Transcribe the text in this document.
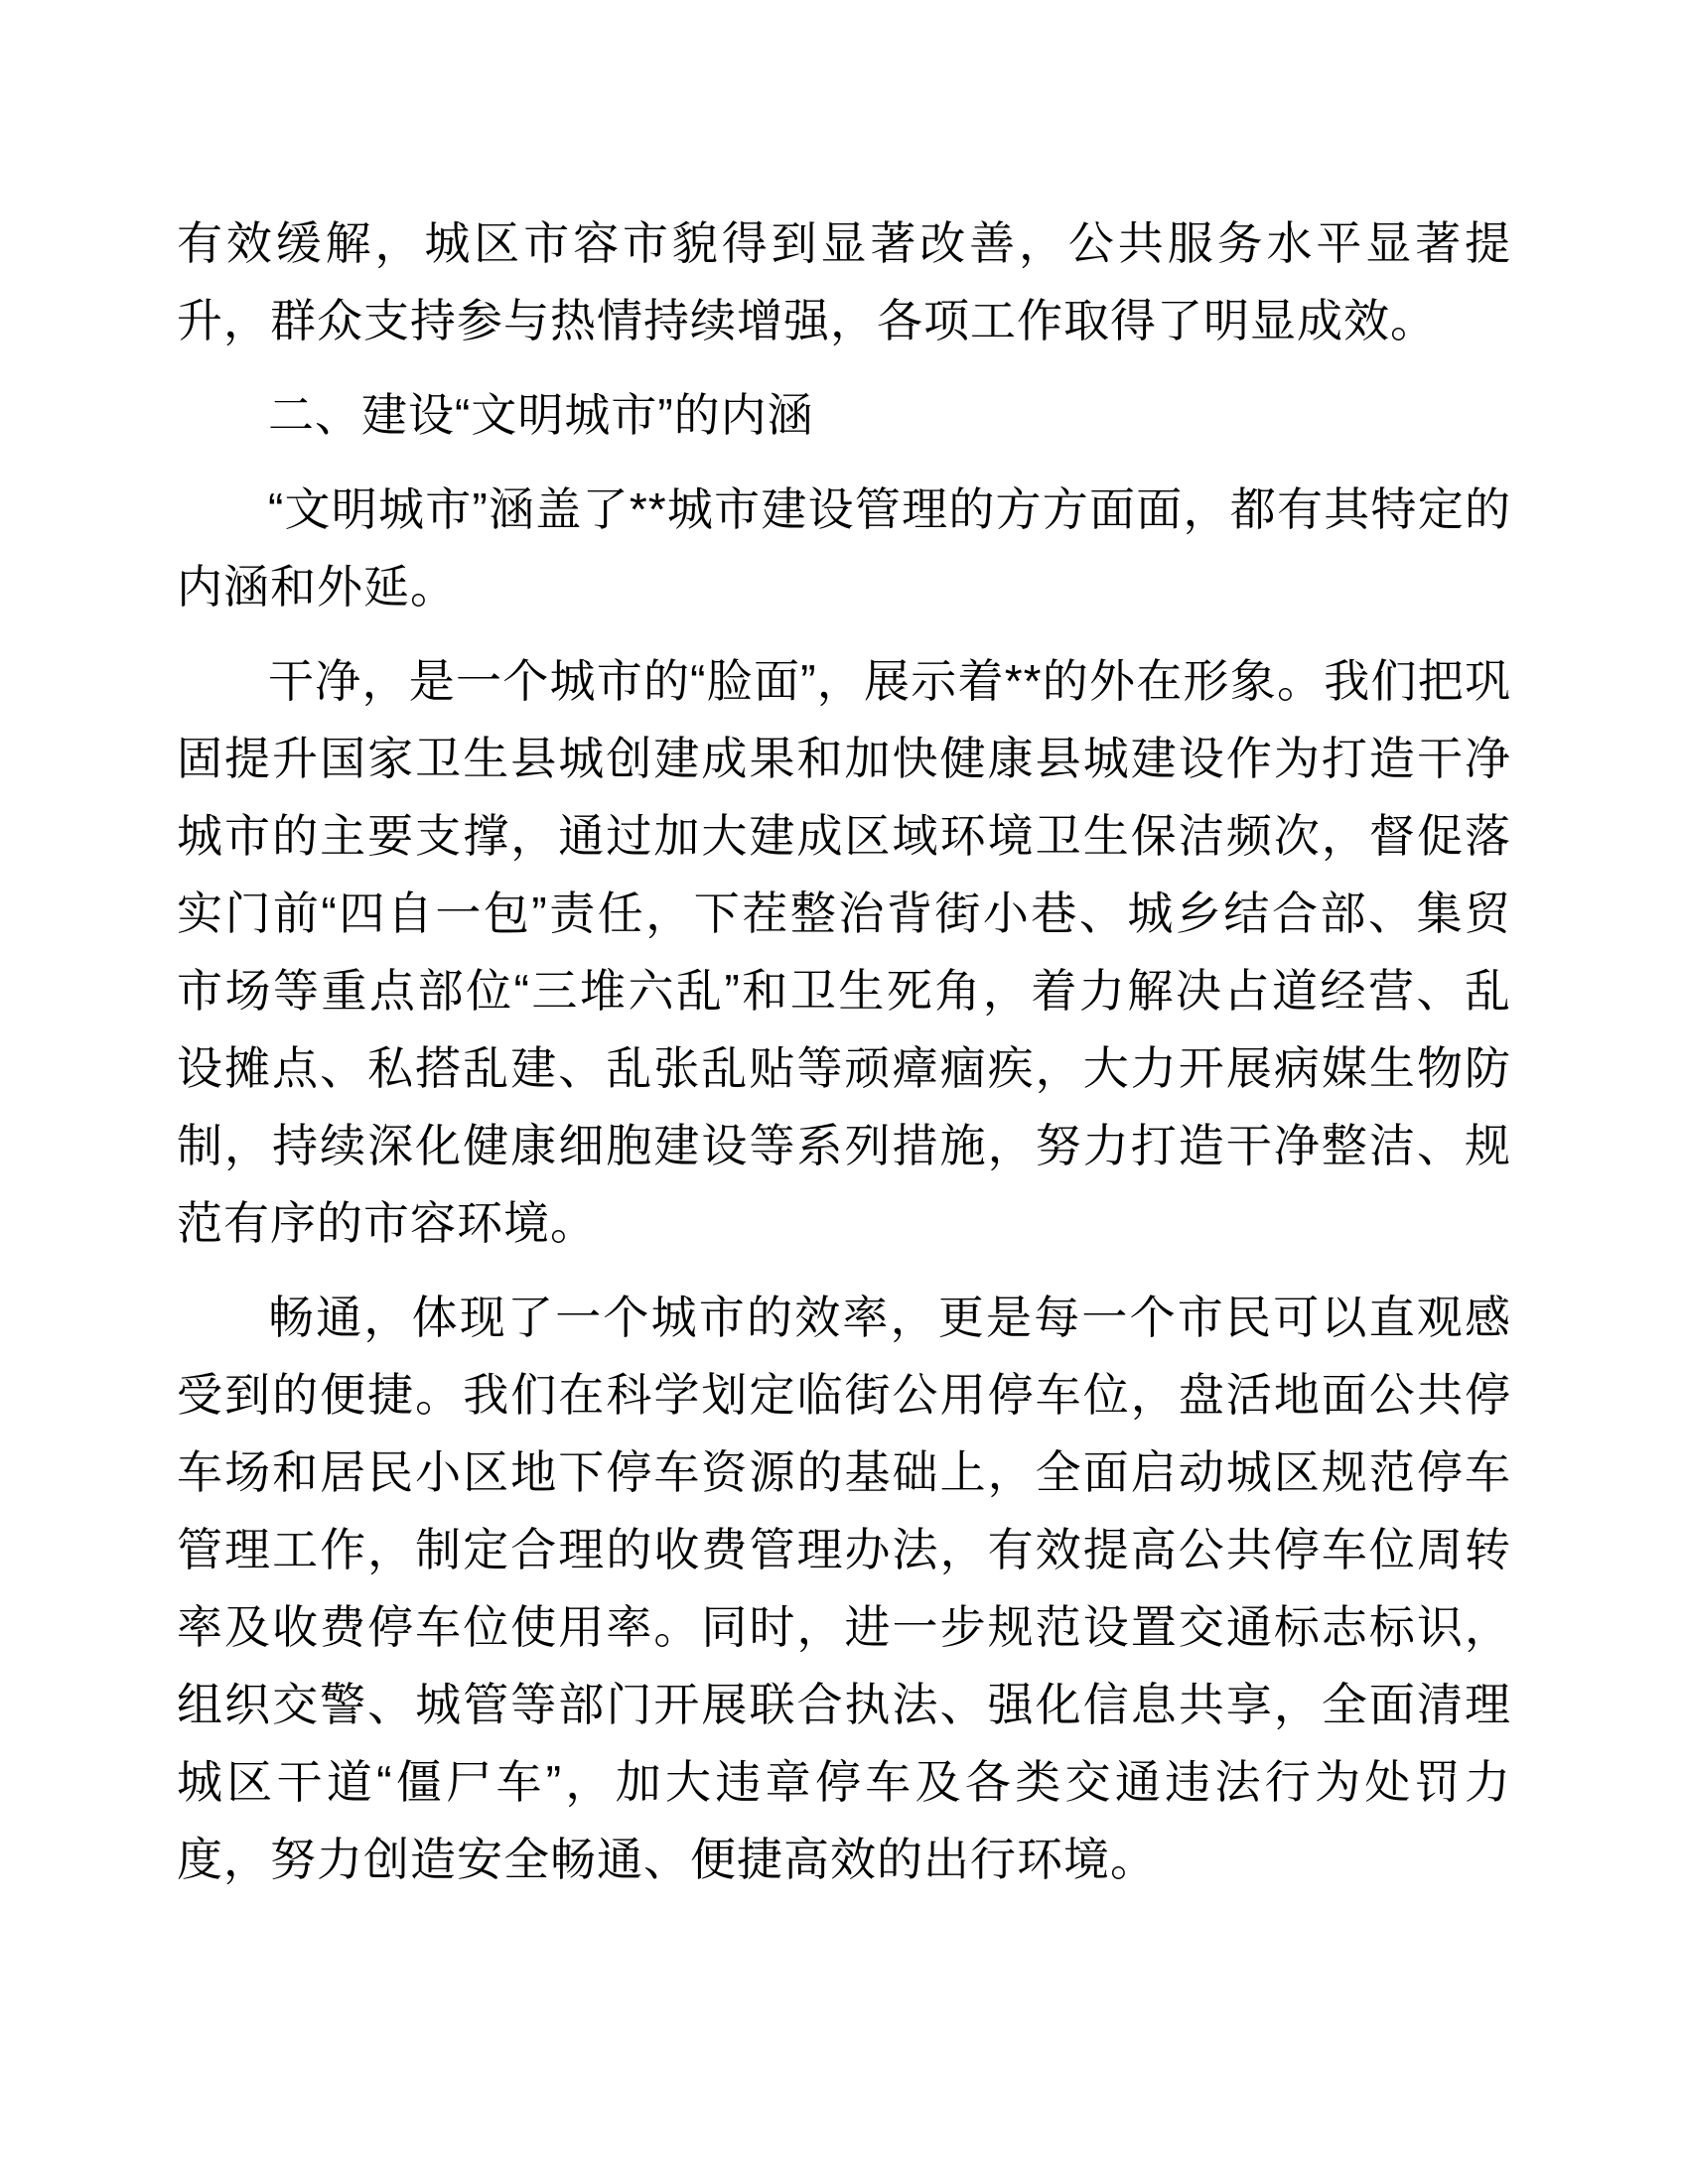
有效缓解，城区市容市貌得到显著改善，公共服务水平显著提升，群众支持参与热情持续增强，各项工作取得了明显成效。

二、建设“文明城市”的内涵

“文明城市”涵盖了**城市建设管理的方方面面，都有其特定的内涵和外延。

干净，是一个城市的“脸面”，展示着**的外在形象。我们把巩固提升国家卫生县城创建成果和加快健康县城建设作为打造干净城市的主要支撑，通过加大建成区域环境卫生保洁频次，督促落实门前“四自一包”责任，下茬整治背街小巷、城乡结合部、集贸市场等重点部位“三堆六乱”和卫生死角，着力解决占道经营、乱设摊点、私搭乱建、乱张乱贴等顽瘴痼疾，大力开展病媒生物防制，持续深化健康细胞建设等系列措施，努力打造干净整洁、规范有序的市容环境。

畅通，体现了一个城市的效率，更是每一个市民可以直观感受到的便捷。我们在科学划定临街公用停车位，盘活地面公共停车场和居民小区地下停车资源的基础上，全面启动城区规范停车管理工作，制定合理的收费管理办法，有效提高公共停车位周转率及收费停车位使用率。同时，进一步规范设置交通标志标识，组织交警、城管等部门开展联合执法、强化信息共享，全面清理城区干道“僵尸车”，加大违章停车及各类交通违法行为处罚力度，努力创造安全畅通、便捷高效的出行环境。
